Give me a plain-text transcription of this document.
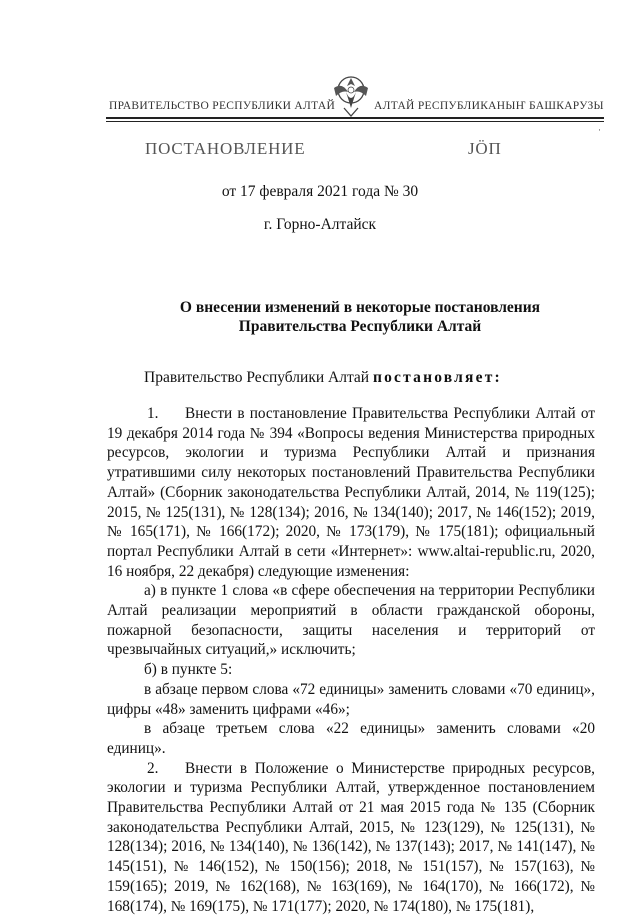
ПРАВИТЕЛЬСТВО РЕСПУБЛИКИ АЛТАЙ	АЛТАЙ РЕСПУБЛИКАНЫҤ БАШКАРУЗЫ
·
ПОСТАНОВЛЕНИЕ	ЈÖП
от 17 февраля 2021 года № 30
г. Горно-Алтайск
О внесении изменений в некоторые постановления
Правительства Республики Алтай
Правительство Республики Алтай постановляет:

1. Внести в постановление Правительства Республики Алтай от 19 декабря 2014 года № 394 «Вопросы ведения Министерства природных ресурсов, экологии и туризма Республики Алтай и признания утратившими силу некоторых постановлений Правительства Республики Алтай» (Сборник законодательства Республики Алтай, 2014, № 119(125); 2015, № 125(131), № 128(134); 2016, № 134(140); 2017, № 146(152); 2019, № 165(171), № 166(172); 2020, № 173(179), № 175(181); официальный портал Республики Алтай в сети «Интернет»: www.altai-republic.ru, 2020, 16 ноября, 22 декабря) следующие изменения:

а) в пункте 1 слова «в сфере обеспечения на территории Республики Алтай реализации мероприятий в области гражданской обороны, пожарной безопасности, защиты населения и территорий от чрезвычайных ситуаций,» исключить;

б) в пункте 5:

в абзаце первом слова «72 единицы» заменить словами «70 единиц», цифры «48» заменить цифрами «46»;

в абзаце третьем слова «22 единицы» заменить словами «20 единиц».

2. Внести в Положение о Министерстве природных ресурсов, экологии и туризма Республики Алтай, утвержденное постановлением Правительства Республики Алтай от 21 мая 2015 года № 135 (Сборник законодательства Республики Алтай, 2015, № 123(129), № 125(131), № 128(134); 2016, № 134(140), № 136(142), № 137(143); 2017, № 141(147), № 145(151), № 146(152), № 150(156); 2018, № 151(157), № 157(163), № 159(165); 2019, № 162(168), № 163(169), № 164(170), № 166(172), № 168(174), № 169(175), № 171(177); 2020, № 174(180), № 175(181),
